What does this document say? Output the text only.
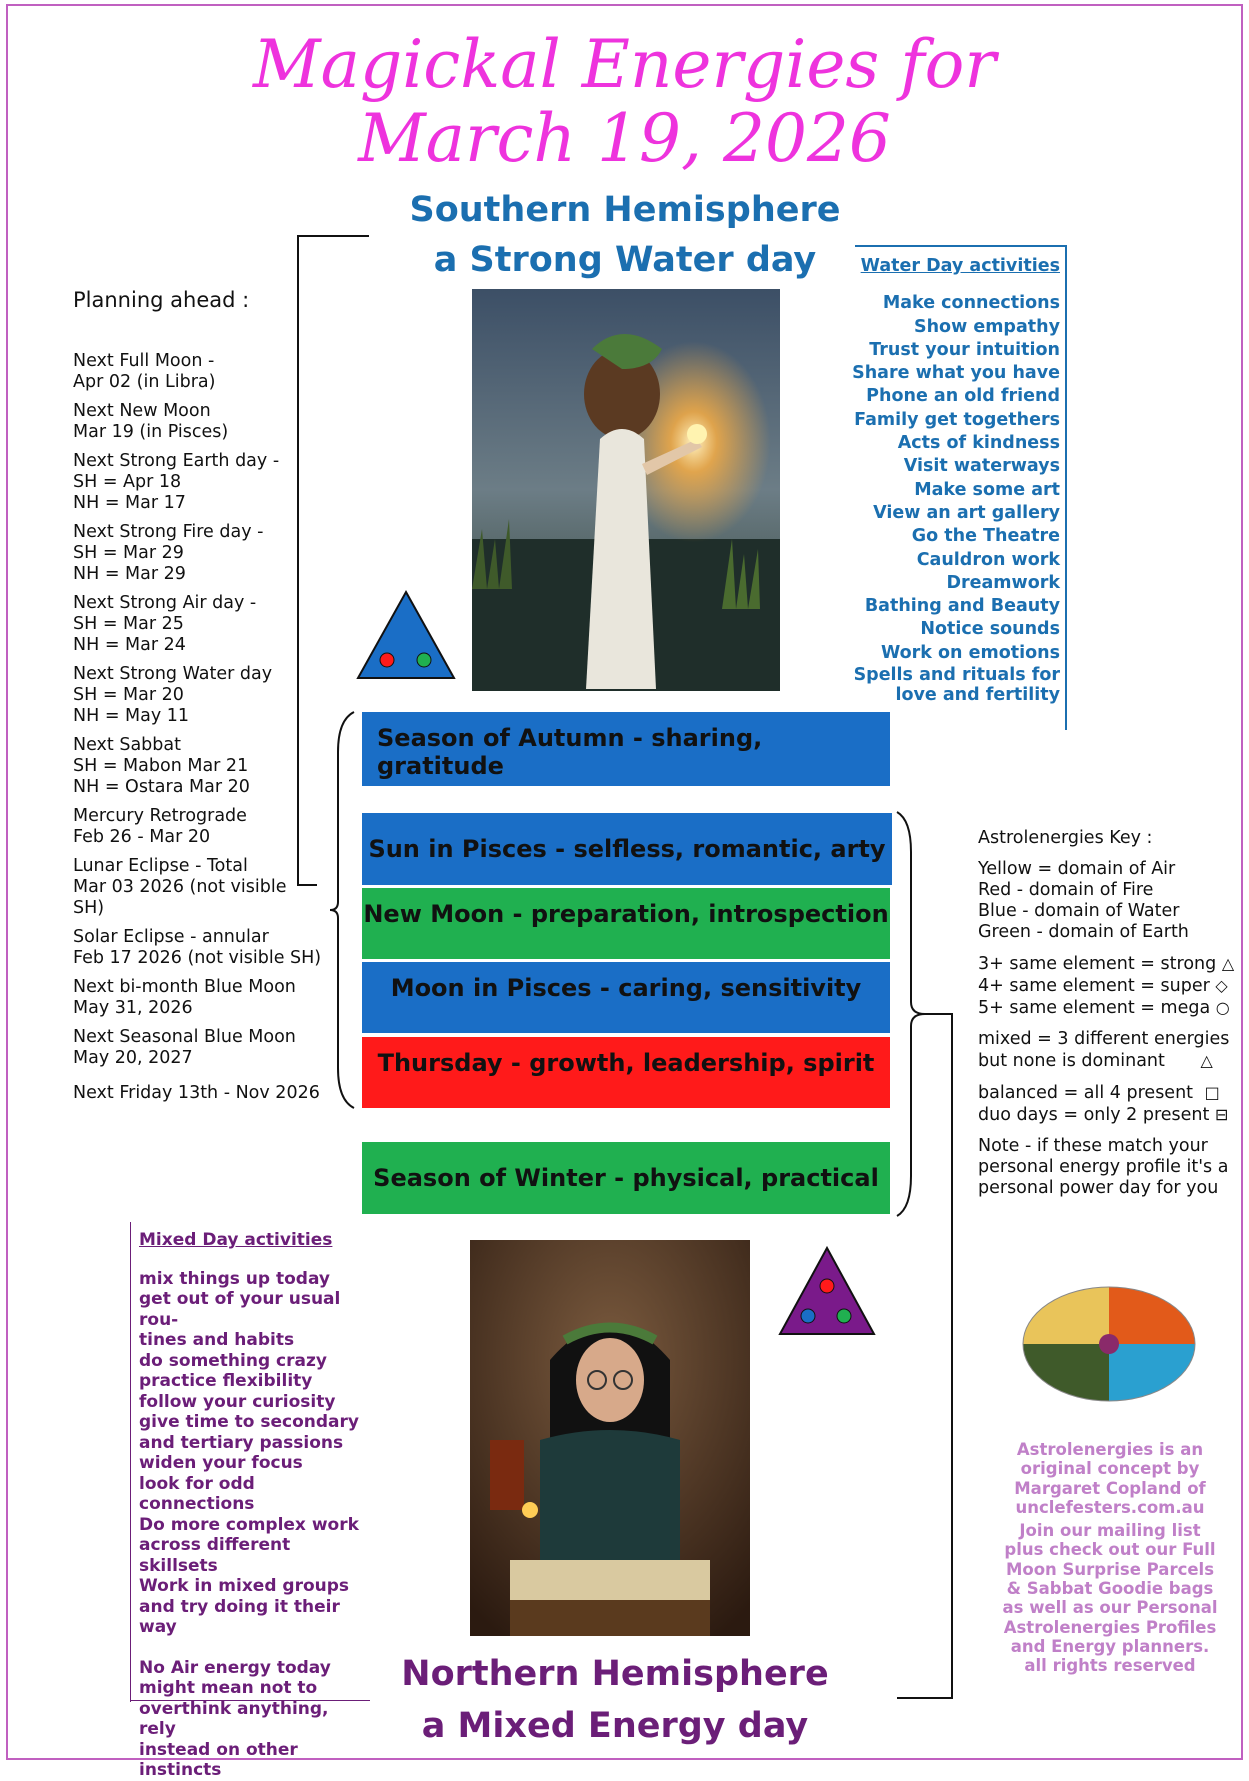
Magickal Energies for
March 19, 2026
Southern Hemisphere
a Strong Water day
Planning ahead :
Next Full Moon -
Apr 02 (in Libra)
Next New Moon
Mar 19 (in Pisces)
Next Strong Earth day -
SH = Apr 18
NH = Mar 17
Next Strong Fire day -
SH = Mar 29
NH = Mar 29
Next Strong Air day -
SH = Mar 25
NH = Mar 24
Next Strong Water day
SH = Mar 20
NH = May 11
Next Sabbat
SH = Mabon Mar 21
NH = Ostara Mar 20
Mercury Retrograde
Feb 26 - Mar 20
Lunar Eclipse - Total
Mar 03 2026 (not visible SH)
Solar Eclipse - annular
Feb 17 2026 (not visible SH)
Next bi-month Blue Moon
May 31, 2026
Next Seasonal Blue Moon
May 20, 2027
Next Friday 13th - Nov 2026
Water Day activities
Make connections
Show empathy
Trust your intuition
Share what you have
Phone an old friend
Family get togethers
Acts of kindness
Visit waterways
Make some art
View an art gallery
Go the Theatre
Cauldron work
Dreamwork
Bathing and Beauty
Notice sounds
Work on emotions
Spells and rituals for
love and fertility
Season of Autumn - sharing, gratitude
Sun in Pisces - selfless, romantic, arty
New Moon - preparation, introspection
Moon in Pisces - caring, sensitivity
Thursday - growth, leadership, spirit
Season of Winter - physical, practical
Astrolenergies Key :
Yellow = domain of Air
Red - domain of Fire
Blue - domain of Water
Green - domain of Earth
3+ same element = strong △
4+ same element = super ◇
5+ same element = mega ○
mixed = 3 different energies
but none is dominant △
balanced = all 4 present □
duo days = only 2 present ⊟
Note - if these match your
personal energy profile it's a
personal power day for you
Mixed Day activities
mix things up today
get out of your usual rou-
tines and habits
do something crazy
practice flexibility
follow your curiosity
give time to secondary
and tertiary passions
widen your focus
look for odd connections
Do more complex work
across different skillsets
Work in mixed groups
and try doing it their way
No Air energy today
might mean not to
overthink anything, rely
instead on other instincts
Astrolenergies is an
original concept by
Margaret Copland of
unclefesters.com.au
Join our mailing list
plus check out our Full
Moon Surprise Parcels
& Sabbat Goodie bags
as well as our Personal
Astrolenergies Profiles
and Energy planners.
all rights reserved
Northern Hemisphere
a Mixed Energy day
